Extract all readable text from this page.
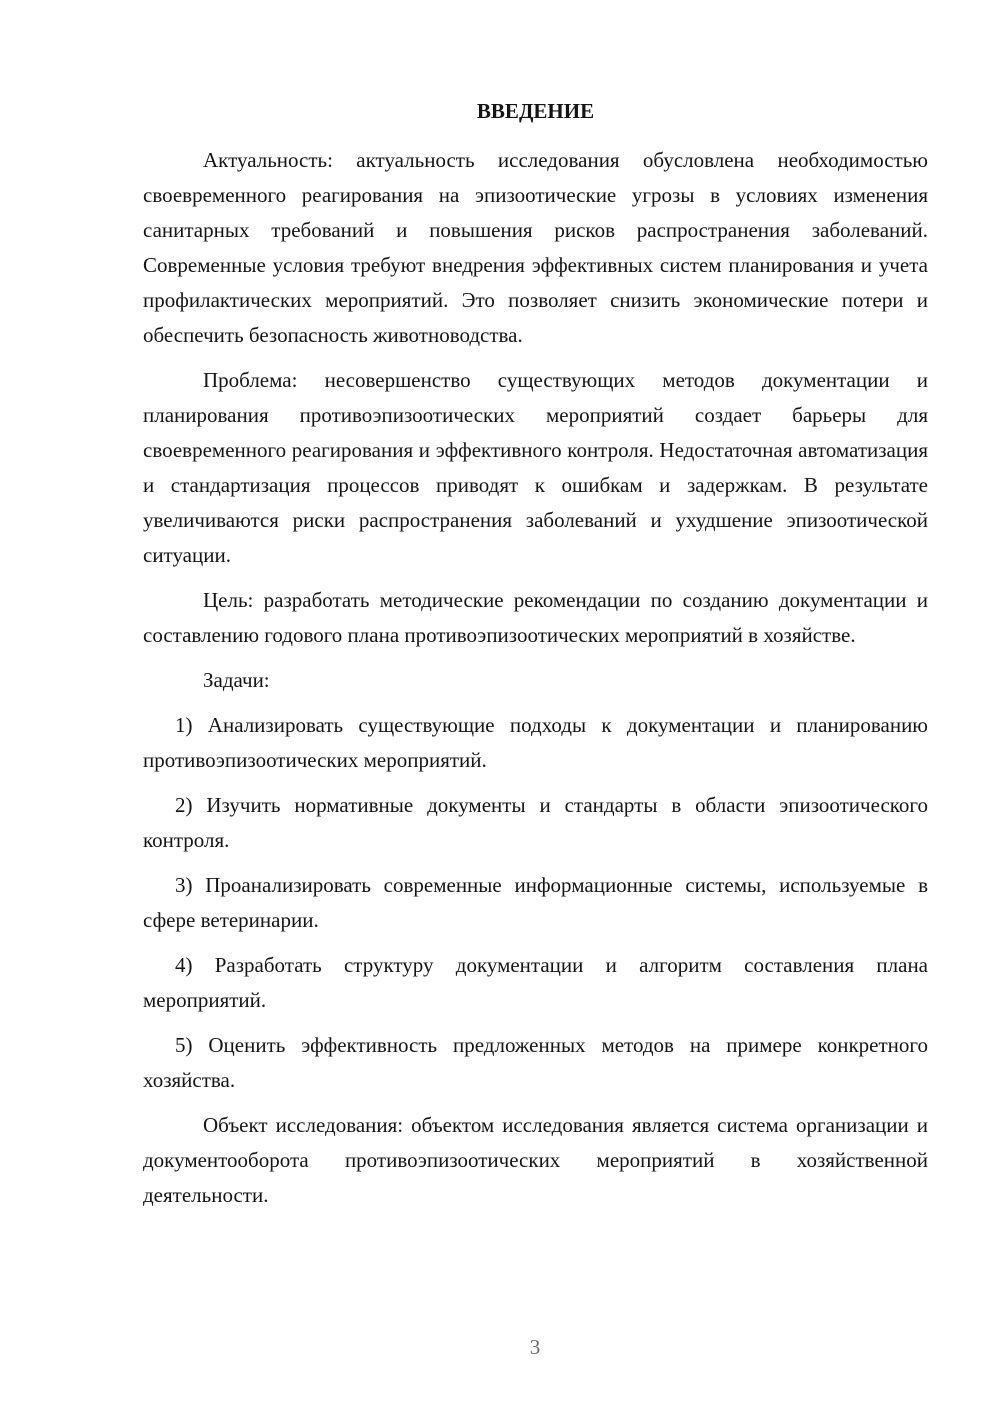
ВВЕДЕНИЕ

Актуальность: актуальность исследования обусловлена необходимостью своевременного реагирования на эпизоотические угрозы в условиях изменения санитарных требований и повышения рисков распространения заболеваний. Современные условия требуют внедрения эффективных систем планирования и учета профилактических мероприятий. Это позволяет снизить экономические потери и обеспечить безопасность животноводства.

Проблема: несовершенство существующих методов документации и планирования противоэпизоотических мероприятий создает барьеры для своевременного реагирования и эффективного контроля. Недостаточная автоматизация и стандартизация процессов приводят к ошибкам и задержкам. В результате увеличиваются риски распространения заболеваний и ухудшение эпизоотической ситуации.

Цель: разработать методические рекомендации по созданию документации и составлению годового плана противоэпизоотических мероприятий в хозяйстве.

Задачи:

1) Анализировать существующие подходы к документации и планированию противоэпизоотических мероприятий.

2) Изучить нормативные документы и стандарты в области эпизоотического контроля.

3) Проанализировать современные информационные системы, используемые в сфере ветеринарии.

4) Разработать структуру документации и алгоритм составления плана мероприятий.

5) Оценить эффективность предложенных методов на примере конкретного хозяйства.

Объект исследования: объектом исследования является система организации и документооборота противоэпизоотических мероприятий в хозяйственной деятельности.

3
